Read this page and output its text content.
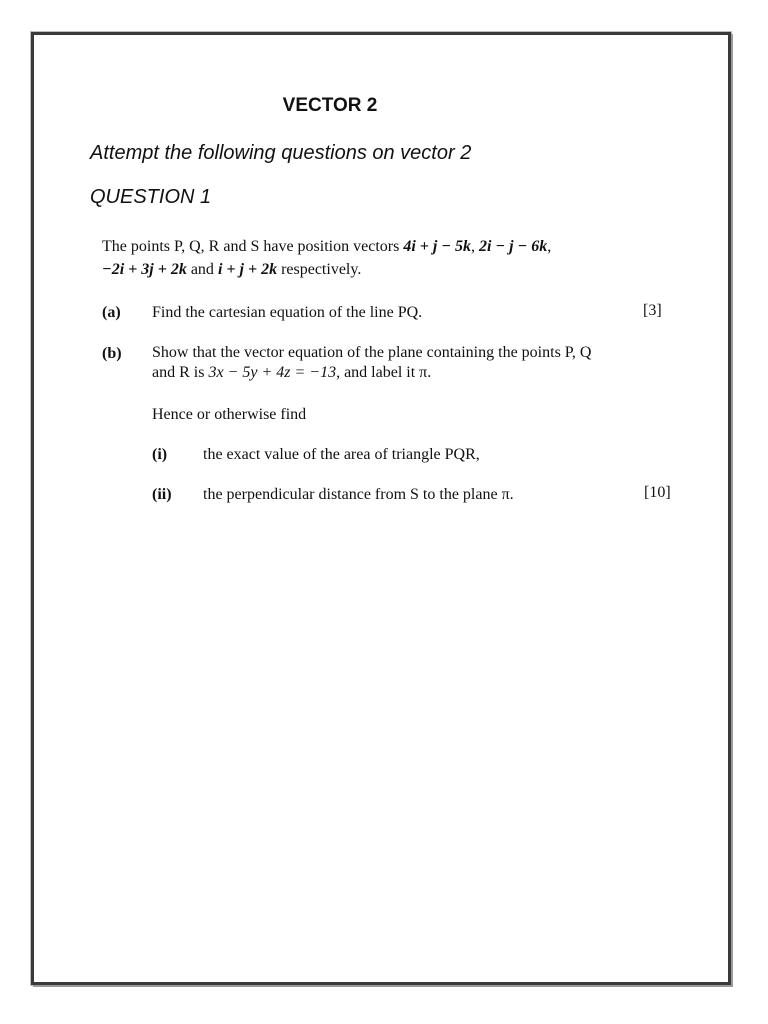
VECTOR 2
Attempt the following questions on vector 2
QUESTION 1
The points P, Q, R and S have position vectors 4i + j − 5k, 2i − j − 6k,
−2i + 3j + 2k and i + j + 2k respectively.
(a) Find the cartesian equation of the line PQ.	[3]
(b) Show that the vector equation of the plane containing the points P, Q
and R is 3x − 5y + 4z = −13, and label it π.
Hence or otherwise find
(i) the exact value of the area of triangle PQR,
(ii) the perpendicular distance from S to the plane π.	[10]
